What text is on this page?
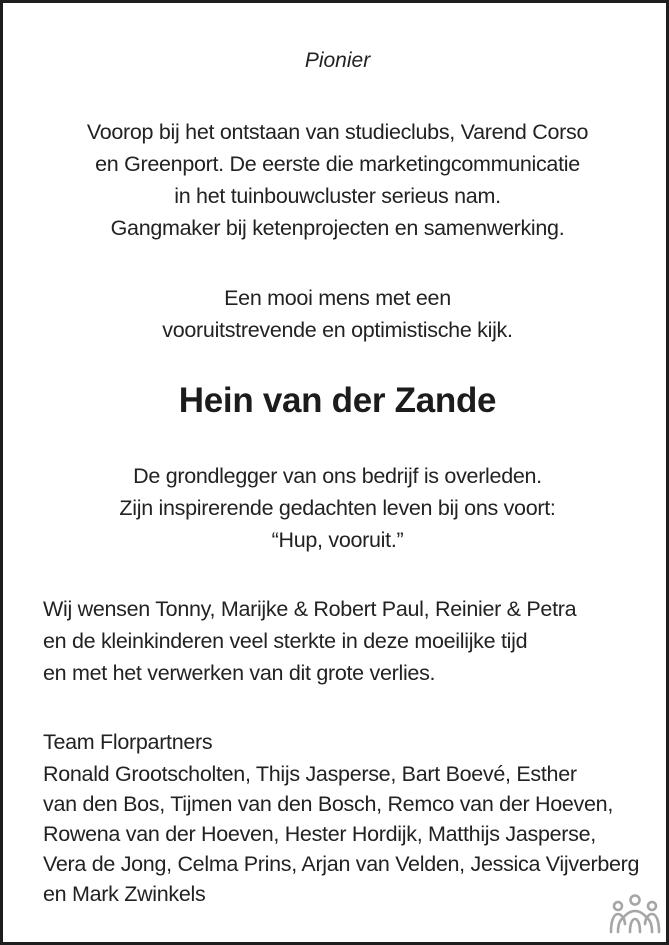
Pionier
Voorop bij het ontstaan van studieclubs, Varend Corso
en Greenport. De eerste die marketingcommunicatie
in het tuinbouwcluster serieus nam.
Gangmaker bij ketenprojecten en samenwerking.
Een mooi mens met een
vooruitstrevende en optimistische kijk.
Hein van der Zande
De grondlegger van ons bedrijf is overleden.
Zijn inspirerende gedachten leven bij ons voort:
“Hup, vooruit.”
Wij wensen Tonny, Marijke & Robert Paul, Reinier & Petra
en de kleinkinderen veel sterkte in deze moeilijke tijd
en met het verwerken van dit grote verlies.
Team Florpartners
Ronald Grootscholten, Thijs Jasperse, Bart Boevé, Esther
van den Bos, Tijmen van den Bosch, Remco van der Hoeven,
Rowena van der Hoeven, Hester Hordijk, Matthijs Jasperse,
Vera de Jong, Celma Prins, Arjan van Velden, Jessica Vijverberg
en Mark Zwinkels
